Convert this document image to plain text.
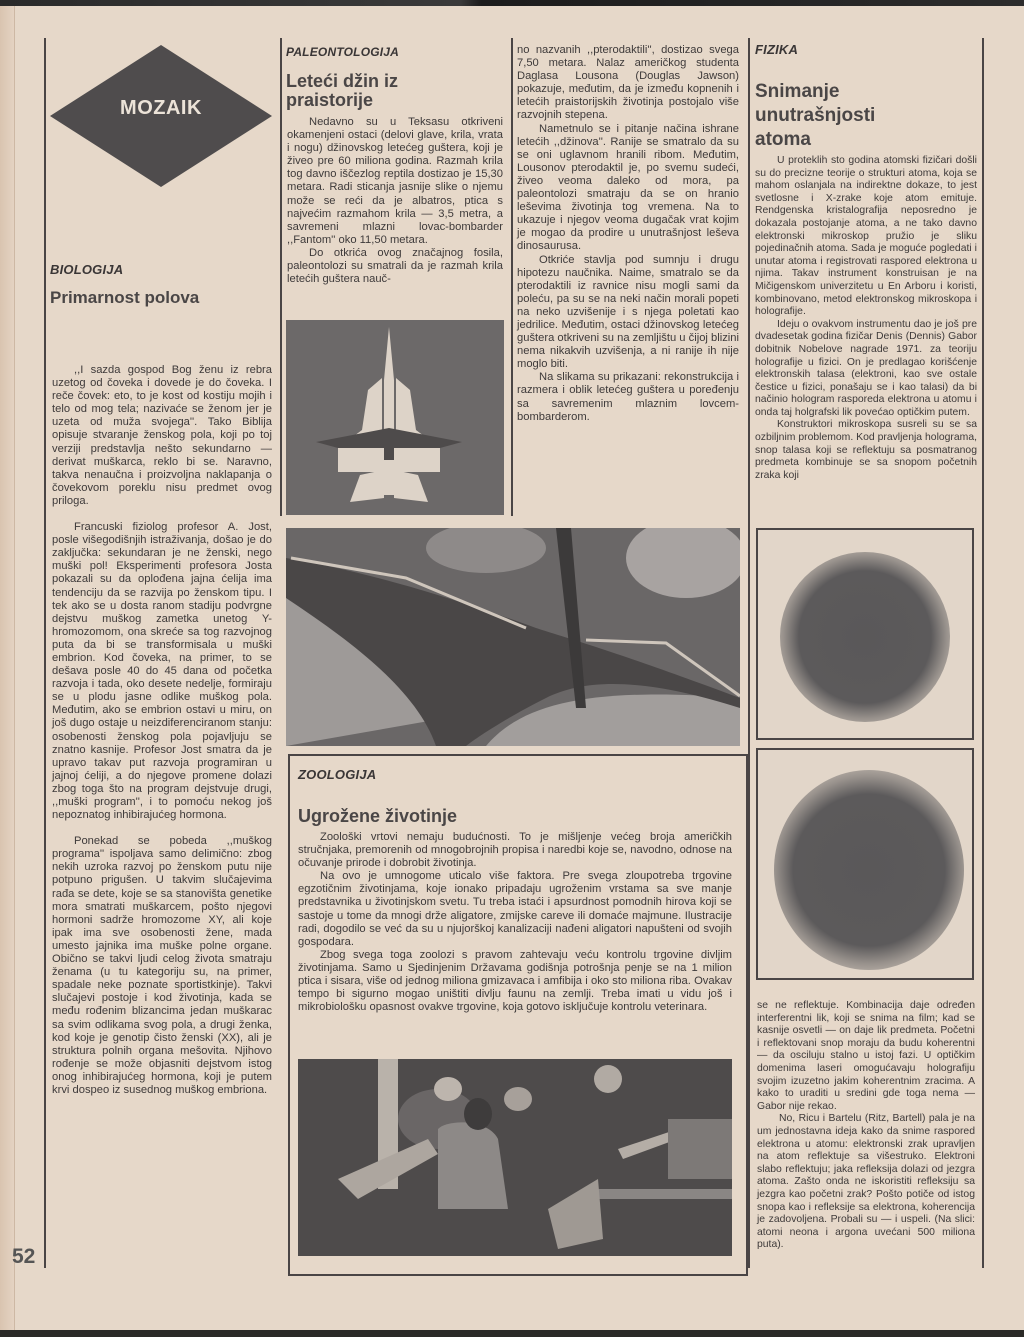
MOZAIK
BIOLOGIJA
Primarnost polova

,,I sazda gospod Bog ženu iz rebra uzetog od čoveka i dovede je do čoveka. I reče čovek: eto, to je kost od kostiju mojih i telo od mog tela; nazivaće se ženom jer je uzeta od muža svojega''. Tako Biblija opisuje stvaranje ženskog pola, koji po toj verziji predstavlja nešto sekundarno — derivat muškarca, reklo bi se. Naravno, takva nenaučna i proizvoljna naklapanja o čovekovom poreklu nisu predmet ovog priloga.

Francuski fiziolog profesor A. Jost, posle višegodišnjih istraživanja, došao je do zaključka: sekundaran je ne ženski, nego muški pol! Eksperimenti profesora Josta pokazali su da oplođena jajna ćelija ima tendenciju da se razvija po ženskom tipu. I tek ako se u dosta ranom stadiju podvrgne dejstvu muškog zametka unetog Y- hromozomom, ona skreće sa tog razvojnog puta da bi se transformisala u muški embrion. Kod čoveka, na primer, to se dešava posle 40 do 45 dana od početka razvoja i tada, oko desete nedelje, formiraju se u plodu jasne odlike muškog pola. Međutim, ako se embrion ostavi u miru, on još dugo ostaje u neizdiferenciranom stanju: osobenosti ženskog pola pojavljuju se znatno kasnije. Profesor Jost smatra da je upravo takav put razvoja programiran u jajnoj ćeliji, a do njegove promene dolazi zbog toga što na program dejstvuje drugi, ,,muški program'', i to pomoću nekog još nepoznatog inhibirajućeg hormona.

Ponekad se pobeda ,,muškog programa'' ispoljava samo delimično: zbog nekih uzroka razvoj po ženskom putu nije potpuno prigušen. U takvim slučajevima rađa se dete, koje se sa stanovišta genetike mora smatrati muškarcem, pošto njegovi hormoni sadrže hromozome XY, ali koje ipak ima sve osobenosti žene, mada umesto jajnika ima muške polne organe. Obično se takvi ljudi celog života smatraju ženama (u tu kategoriju su, na primer, spadale neke poznate sportistkinje). Takvi slučajevi postoje i kod životinja, kada se među rođenim blizancima jedan muškarac sa svim odlikama svog pola, a drugi ženka, kod koje je genotip čisto ženski (XX), ali je struktura polnih organa mešovita. Njihovo rođenje se može objasniti dejstvom istog onog inhibirajućeg hormona, koji je putem krvi dospeo iz susednog muškog embriona.

52
PALEONTOLOGIJA
Leteći džin iz praistorije

Nedavno su u Teksasu otkriveni okamenjeni ostaci (delovi glave, krila, vrata i nogu) džinovskog letećeg guštera, koji je živeo pre 60 miliona godina. Razmah krila tog davno iščezlog reptila dostizao je 15,30 metara. Radi sticanja jasnije slike o njemu može se reći da je albatros, ptica s najvećim razmahom krila — 3,5 metra, a savremeni mlazni lovac-bombarder ,,Fantom'' oko 11,50 metara.

Do otkrića ovog značajnog fosila, paleontolozi su smatrali da je razmah krila letećih guštera nauč-

no nazvanih ,,pterodaktili'', dostizao svega 7,50 metara. Nalaz američkog studenta Daglasa Lousona (Douglas Jawson) pokazuje, međutim, da je između kopnenih i letećih praistorijskih životinja postojalo više razvojnih stepena.

Nametnulo se i pitanje načina ishrane letećih ,,džinova''. Ranije se smatralo da su se oni uglavnom hranili ribom. Međutim, Lousonov pterodaktil je, po svemu sudeći, živeo veoma daleko od mora, pa paleontolozi smatraju da se on hranio leševima životinja tog vremena. Na to ukazuje i njegov veoma dugačak vrat kojim je mogao da prodire u unutrašnjost leševa dinosaurusa.

Otkriće stavlja pod sumnju i drugu hipotezu naučnika. Naime, smatralo se da pterodaktili iz ravnice nisu mogli sami da poleću, pa su se na neki način morali popeti na neko uzvišenije i s njega poletati kao jedrilice. Međutim, ostaci džinovskog letećeg guštera otkriveni su na zemljištu u čijoj blizini nema nikakvih uzvišenja, a ni ranije ih nije moglo biti.

Na slikama su prikazani: rekonstrukcija i razmera i oblik letećeg guštera u poređenju sa savremenim mlaznim lovcem-bombarderom.

ZOOLOGIJA
Ugrožene životinje

Zoološki vrtovi nemaju budućnosti. To je mišljenje većeg broja američkih stručnjaka, premorenih od mnogobrojnih propisa i naredbi koje se, navodno, odnose na očuvanje prirode i dobrobit životinja.

Na ovo je umnogome uticalo više faktora. Pre svega zloupotreba trgovine egzotičnim životinjama, koje ionako pripadaju ugroženim vrstama sa sve manje predstavnika u životinjskom svetu. Tu treba istaći i apsurdnost pomodnih hirova koji se sastoje u tome da mnogi drže aligatore, zmijske careve ili domaće majmune. Ilustracije radi, dogodilo se već da su u njujorškoj kanalizaciji nađeni aligatori napušteni od svojih gospodara.

Zbog svega toga zoolozi s pravom zahtevaju veću kontrolu trgovine divljim životinjama. Samo u Sjedinjenim Državama godišnja potrošnja penje se na 1 milion ptica i sisara, više od jednog miliona gmizavaca i amfibija i oko sto miliona riba. Ovakav tempo bi sigurno mogao uništiti divlju faunu na zemlji. Treba imati u vidu još i mikrobiološku opasnost ovakve trgovine, koja gotovo isključuje kontrolu veterinara.

FIZIKA
Snimanje unutrašnjosti atoma

U proteklih sto godina atomski fizičari došli su do precizne teorije o strukturi atoma, koja se mahom oslanjala na indirektne dokaze, to jest svetlosne i X-zrake koje atom emituje. Rendgenska kristalografija neposredno je dokazala postojanje atoma, a ne tako davno elektronski mikroskop pružio je sliku pojedinačnih atoma. Sada je moguće pogledati i unutar atoma i registrovati raspored elektrona u njima. Takav instrument konstruisan je na Mičigenskom univerzitetu u En Arboru i koristi, kombinovano, metod elektronskog mikroskopa i holografije.

Ideju o ovakvom instrumentu dao je još pre dvadesetak godina fizičar Denis (Dennis) Gabor dobitnik Nobelove nagrade 1971. za teoriju holografije u fizici. On je predlagao korišćenje elektronskih talasa (elektroni, kao sve ostale čestice u fizici, ponašaju se i kao talasi) da bi načinio hologram rasporeda elektrona u atomu i onda taj holgrafski lik povećao optičkim putem.

Konstruktori mikroskopa susreli su se sa ozbiljnim problemom. Kod pravljenja holograma, snop talasa koji se reflektuju sa posmatranog predmeta kombinuje se sa snopom početnih zraka koji

se ne reflektuje. Kombinacija daje određen interferentni lik, koji se snima na film; kad se kasnije osvetli — on daje lik predmeta. Početni i reflektovani snop moraju da budu koherentni — da osciluju stalno u istoj fazi. U optičkim domenima laseri omogućavaju holografiju svojim izuzetno jakim koherentnim zracima. A kako to uraditi u sredini gde toga nema — Gabor nije rekao.

No, Ricu i Bartelu (Ritz, Bartell) pala je na um jednostavna ideja kako da snime raspored elektrona u atomu: elektronski zrak upravljen na atom reflektuje sa višestruko. Elektroni slabo reflektuju; jaka refleksija dolazi od jezgra atoma. Zašto onda ne iskoristiti refleksiju sa jezgra kao početni zrak? Pošto potiče od istog snopa kao i refleksije sa elektrona, koherencija je zadovoljena. Probali su — i uspeli. (Na slici: atomi neona i argona uvećani 500 miliona puta).
